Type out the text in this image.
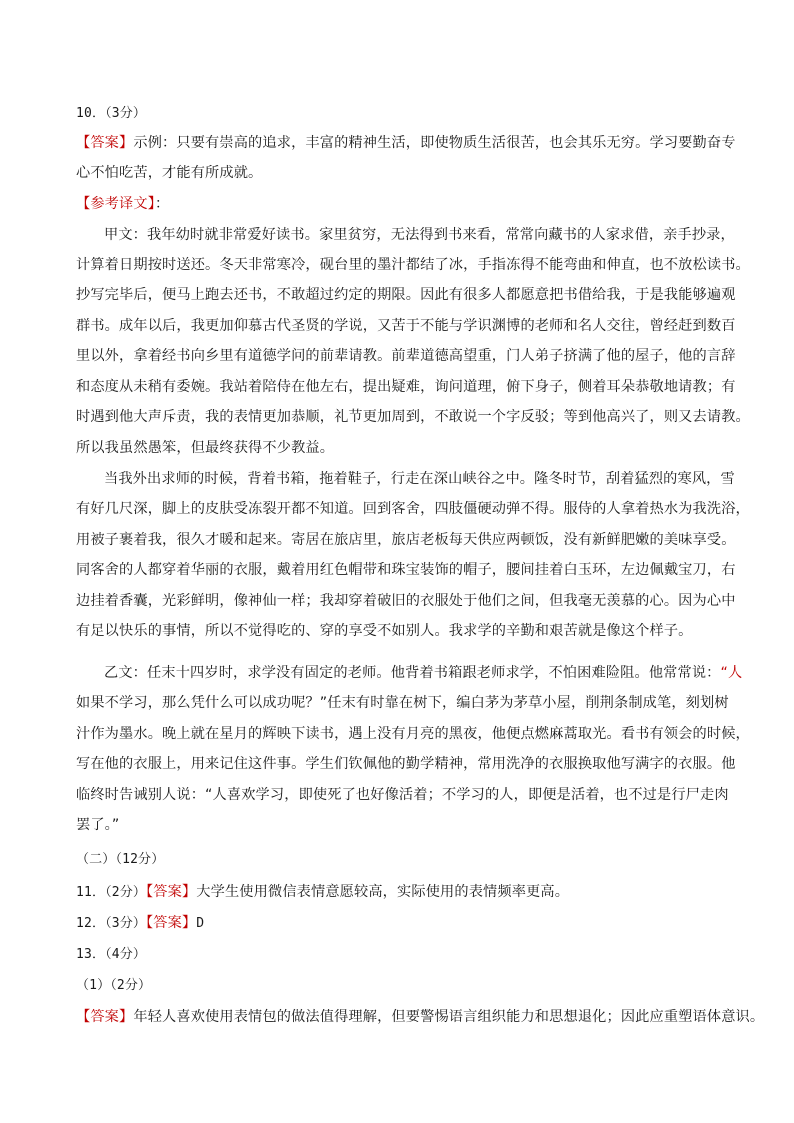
10．（3分）
【答案】示例：只要有崇高的追求，丰富的精神生活，即使物质生活很苦，也会其乐无穷。学习要勤奋专
心不怕吃苦，才能有所成就。
【参考译文】：
甲文：我年幼时就非常爱好读书。家里贫穷，无法得到书来看，常常向藏书的人家求借，亲手抄录，
计算着日期按时送还。冬天非常寒冷，砚台里的墨汁都结了冰，手指冻得不能弯曲和伸直，也不放松读书。
抄写完毕后，便马上跑去还书，不敢超过约定的期限。因此有很多人都愿意把书借给我，于是我能够遍观
群书。成年以后，我更加仰慕古代圣贤的学说，又苦于不能与学识渊博的老师和名人交往，曾经赶到数百
里以外，拿着经书向乡里有道德学问的前辈请教。前辈道德高望重，门人弟子挤满了他的屋子，他的言辞
和态度从未稍有委婉。我站着陪侍在他左右，提出疑难，询问道理，俯下身子，侧着耳朵恭敬地请教；有
时遇到他大声斥责，我的表情更加恭顺，礼节更加周到，不敢说一个字反驳；等到他高兴了，则又去请教。
所以我虽然愚笨，但最终获得不少教益。
当我外出求师的时候，背着书箱，拖着鞋子，行走在深山峡谷之中。隆冬时节，刮着猛烈的寒风，雪
有好几尺深，脚上的皮肤受冻裂开都不知道。回到客舍，四肢僵硬动弹不得。服侍的人拿着热水为我洗浴，
用被子裹着我，很久才暖和起来。寄居在旅店里，旅店老板每天供应两顿饭，没有新鲜肥嫩的美味享受。
同客舍的人都穿着华丽的衣服，戴着用红色帽带和珠宝装饰的帽子，腰间挂着白玉环，左边佩戴宝刀，右
边挂着香囊，光彩鲜明，像神仙一样；我却穿着破旧的衣服处于他们之间，但我毫无羡慕的心。因为心中
有足以快乐的事情，所以不觉得吃的、穿的享受不如别人。我求学的辛勤和艰苦就是像这个样子。
乙文：任末十四岁时，求学没有固定的老师。他背着书箱跟老师求学，不怕困难险阻。他常常说：“人
如果不学习，那么凭什么可以成功呢？”任末有时靠在树下，编白茅为茅草小屋，削荆条制成笔，刻划树
汁作为墨水。晚上就在星月的辉映下读书，遇上没有月亮的黑夜，他便点燃麻蒿取光。看书有领会的时候，
写在他的衣服上，用来记住这件事。学生们钦佩他的勤学精神，常用洗净的衣服换取他写满字的衣服。他
临终时告诫别人说：“人喜欢学习，即使死了也好像活着；不学习的人，即便是活着，也不过是行尸走肉
罢了。”
（二）（12分）
11．（2分）【答案】大学生使用微信表情意愿较高，实际使用的表情频率更高。
12．（3分）【答案】D
13．（4分）
（1）（2分）
【答案】年轻人喜欢使用表情包的做法值得理解，但要警惕语言组织能力和思想退化；因此应重塑语体意识。
